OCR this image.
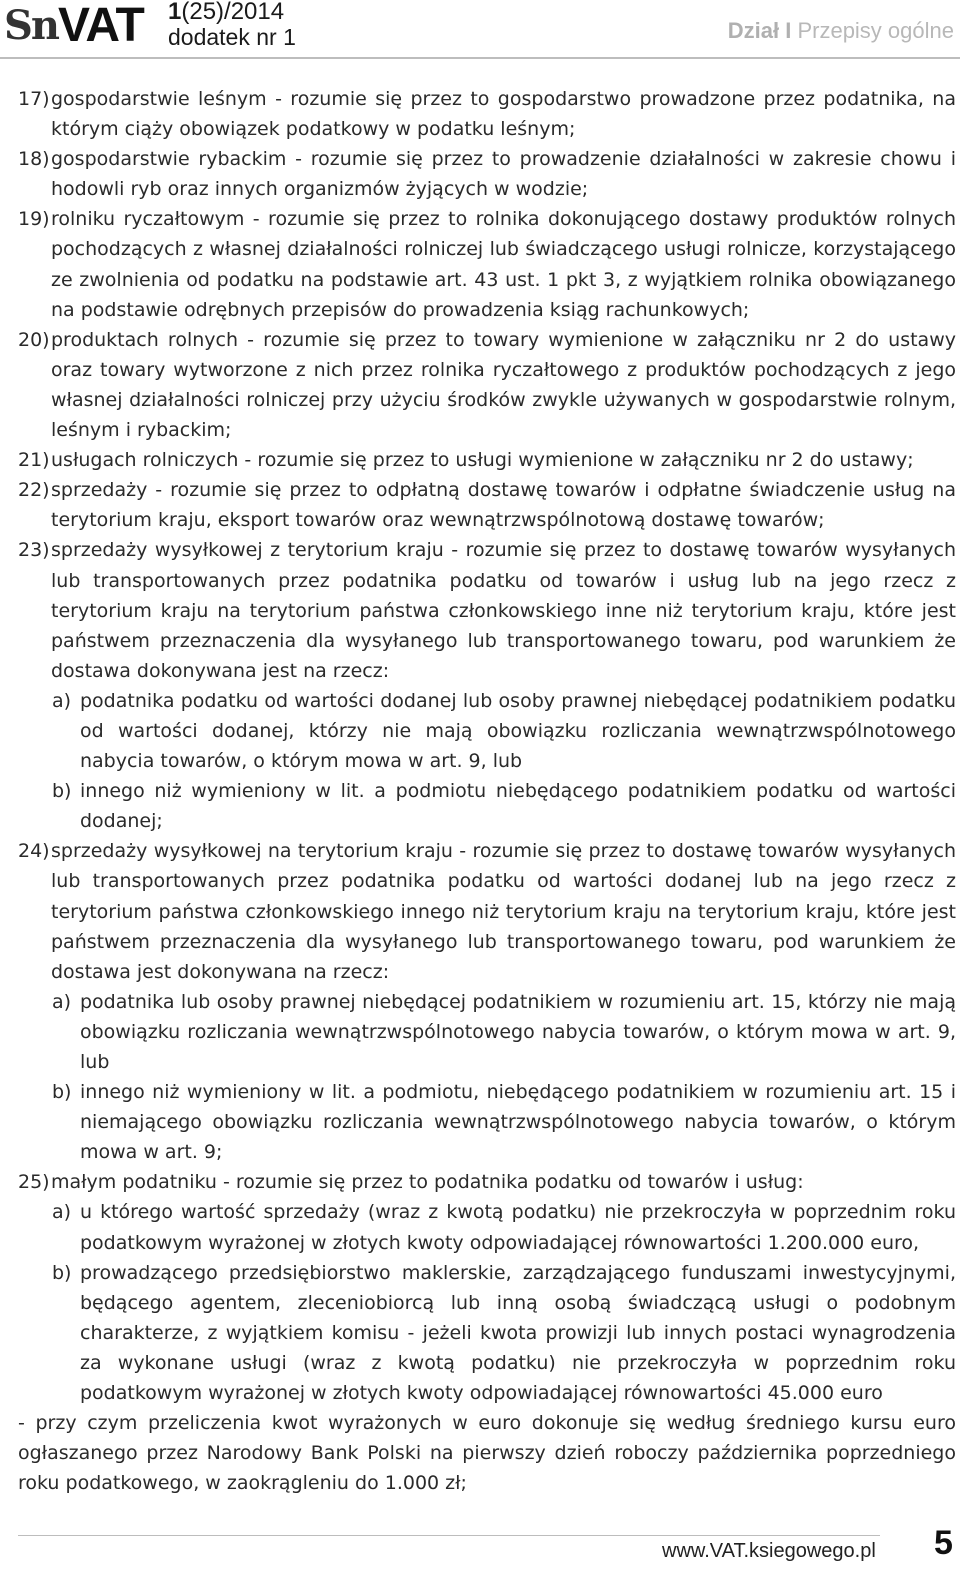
Sn VAT 1(25)/2014
dodatek nr 1	Dział I Przepisy ogólne
17) gospodarstwie leśnym - rozumie się przez to gospodarstwo prowadzone przez podatnika, na którym ciąży obowiązek podatkowy w podatku leśnym;
18) gospodarstwie rybackim - rozumie się przez to prowadzenie działalności w zakresie chowu i hodowli ryb oraz innych organizmów żyjących w wodzie;
19) rolniku ryczałtowym - rozumie się przez to rolnika dokonującego dostawy produktów rolnych pochodzących z własnej działalności rolniczej lub świadczącego usługi rolnicze, korzystającego ze zwolnienia od podatku na podstawie art. 43 ust. 1 pkt 3, z wyjątkiem rolnika obowiązanego na podstawie odrębnych przepisów do prowadzenia ksiąg rachunkowych;
20) produktach rolnych - rozumie się przez to towary wymienione w załączniku nr 2 do ustawy oraz towary wytworzone z nich przez rolnika ryczałtowego z produktów pochodzących z jego własnej działalności rolniczej przy użyciu środków zwykle używanych w gospodarstwie rolnym, leśnym i rybackim;
21) usługach rolniczych - rozumie się przez to usługi wymienione w załączniku nr 2 do ustawy;
22) sprzedaży - rozumie się przez to odpłatną dostawę towarów i odpłatne świadczenie usług na terytorium kraju, eksport towarów oraz wewnątrzwspólnotową dostawę towarów;
23) sprzedaży wysyłkowej z terytorium kraju - rozumie się przez to dostawę towarów wysyłanych lub transportowanych przez podatnika podatku od towarów i usług lub na jego rzecz z terytorium kraju na terytorium państwa członkowskiego inne niż terytorium kraju, które jest państwem przeznaczenia dla wysyłanego lub transportowanego towaru, pod warunkiem że dostawa dokonywana jest na rzecz:
a) podatnika podatku od wartości dodanej lub osoby prawnej niebędącej podatnikiem podatku od wartości dodanej, którzy nie mają obowiązku rozliczania wewnątrzwspólnotowego nabycia towarów, o którym mowa w art. 9, lub
b) innego niż wymieniony w lit. a podmiotu niebędącego podatnikiem podatku od wartości dodanej;
24) sprzedaży wysyłkowej na terytorium kraju - rozumie się przez to dostawę towarów wysyłanych lub transportowanych przez podatnika podatku od wartości dodanej lub na jego rzecz z terytorium państwa członkowskiego innego niż terytorium kraju na terytorium kraju, które jest państwem przeznaczenia dla wysyłanego lub transportowanego towaru, pod warunkiem że dostawa jest dokonywana na rzecz:
a) podatnika lub osoby prawnej niebędącej podatnikiem w rozumieniu art. 15, którzy nie mają obowiązku rozliczania wewnątrzwspólnotowego nabycia towarów, o którym mowa w art. 9, lub
b) innego niż wymieniony w lit. a podmiotu, niebędącego podatnikiem w rozumieniu art. 15 i niemającego obowiązku rozliczania wewnątrzwspólnotowego nabycia towarów, o którym mowa w art. 9;
25) małym podatniku - rozumie się przez to podatnika podatku od towarów i usług:
a) u którego wartość sprzedaży (wraz z kwotą podatku) nie przekroczyła w poprzednim roku podatkowym wyrażonej w złotych kwoty odpowiadającej równowartości 1.200.000 euro,
b) prowadzącego przedsiębiorstwo maklerskie, zarządzającego funduszami inwestycyjnymi, będącego agentem, zleceniobiorcą lub inną osobą świadczącą usługi o podobnym charakterze, z wyjątkiem komisu - jeżeli kwota prowizji lub innych postaci wynagrodzenia za wykonane usługi (wraz z kwotą podatku) nie przekroczyła w poprzednim roku podatkowym wyrażonej w złotych kwoty odpowiadającej równowartości 45.000 euro
- przy czym przeliczenia kwot wyrażonych w euro dokonuje się według średniego kursu euro ogłaszanego przez Narodowy Bank Polski na pierwszy dzień roboczy października poprzedniego roku podatkowego, w zaokrągleniu do 1.000 zł;
www.VAT.ksiegowego.pl 5
